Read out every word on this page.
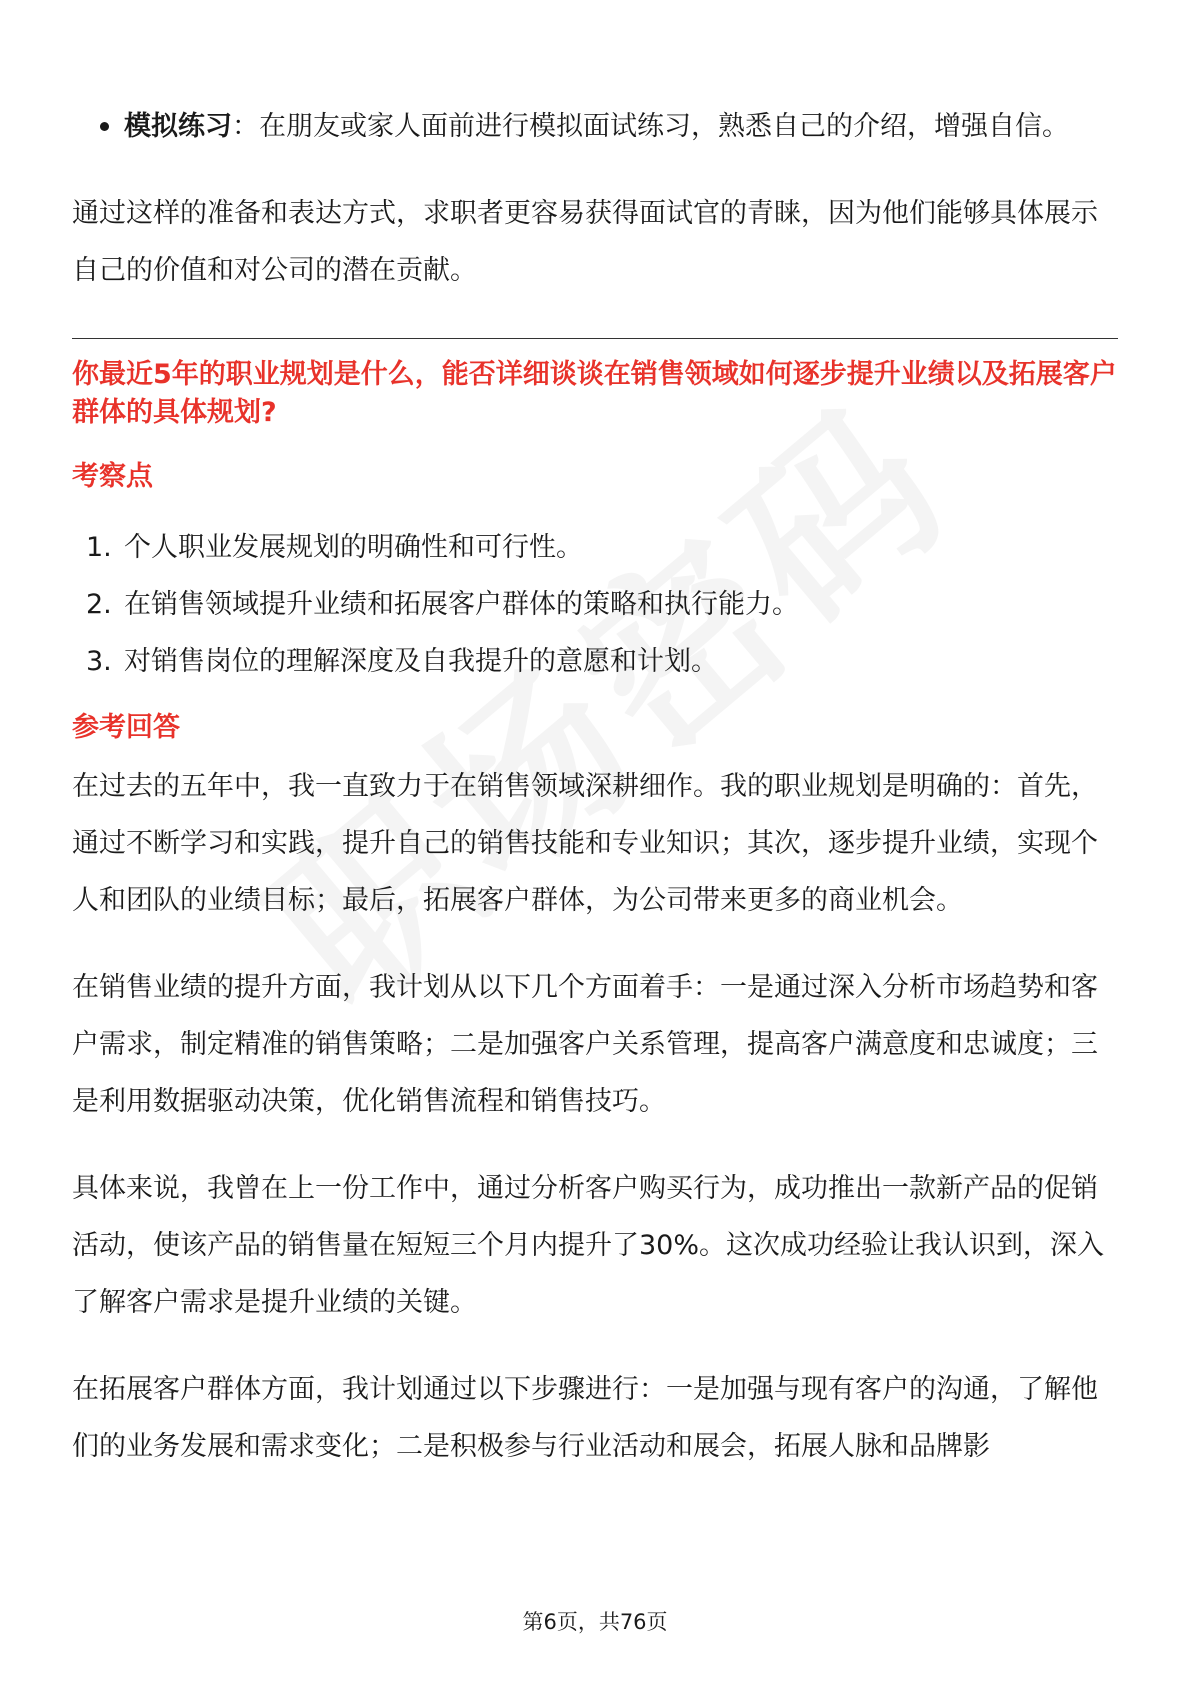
模拟练习：在朋友或家人面前进行模拟面试练习，熟悉自己的介绍，增强自信。

通过这样的准备和表达方式，求职者更容易获得面试官的青睐，因为他们能够具体展示自己的价值和对公司的潜在贡献。

你最近5年的职业规划是什么，能否详细谈谈在销售领域如何逐步提升业绩以及拓展客户群体的具体规划?
考察点
1. 个人职业发展规划的明确性和可行性。
2. 在销售领域提升业绩和拓展客户群体的策略和执行能力。
3. 对销售岗位的理解深度及自我提升的意愿和计划。
参考回答

在过去的五年中，我一直致力于在销售领域深耕细作。我的职业规划是明确的：首先，通过不断学习和实践，提升自己的销售技能和专业知识；其次，逐步提升业绩，实现个人和团队的业绩目标；最后，拓展客户群体，为公司带来更多的商业机会。

在销售业绩的提升方面，我计划从以下几个方面着手：一是通过深入分析市场趋势和客户需求，制定精准的销售策略；二是加强客户关系管理，提高客户满意度和忠诚度；三是利用数据驱动决策，优化销售流程和销售技巧。

具体来说，我曾在上一份工作中，通过分析客户购买行为，成功推出一款新产品的促销活动，使该产品的销售量在短短三个月内提升了30%。这次成功经验让我认识到，深入了解客户需求是提升业绩的关键。

在拓展客户群体方面，我计划通过以下步骤进行：一是加强与现有客户的沟通，了解他们的业务发展和需求变化；二是积极参与行业活动和展会，拓展人脉和品牌影

第6页，共76页
